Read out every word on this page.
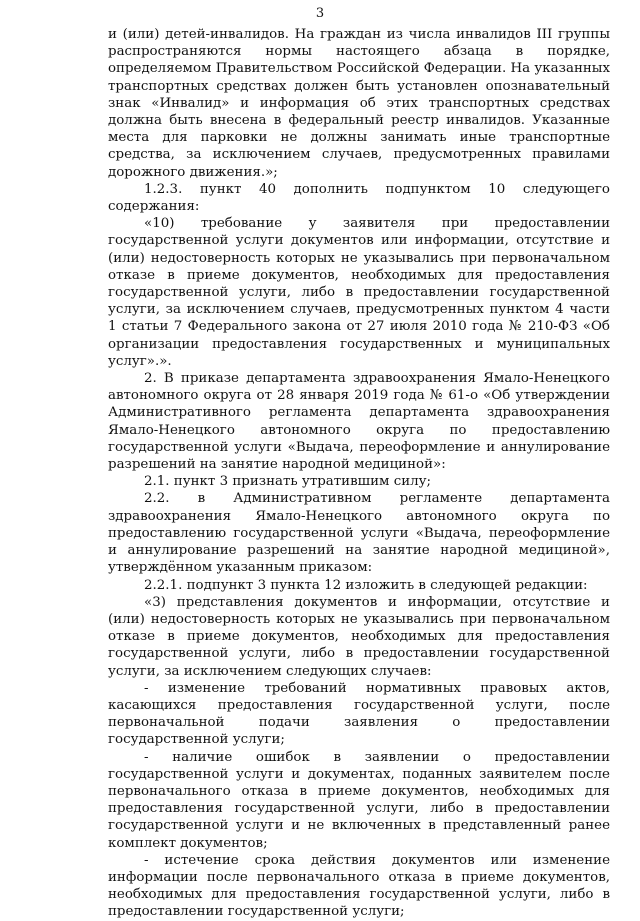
3

и (или) детей-инвалидов. На граждан из числа инвалидов III группы распространяются нормы настоящего абзаца в порядке, определяемом Правительством Российской Федерации. На указанных транспортных средствах должен быть установлен опознавательный знак «Инвалид» и информация об этих транспортных средствах должна быть внесена в федеральный реестр инвалидов. Указанные места для парковки не должны занимать иные транспортные средства, за исключением случаев, предусмотренных правилами дорожного движения.»;

1.2.3. пункт 40 дополнить подпунктом 10 следующего содержания:

«10) требование у заявителя при предоставлении государственной услуги документов или информации, отсутствие и (или) недостоверность которых не указывались при первоначальном отказе в приеме документов, необходимых для предоставления государственной услуги, либо в предоставлении государственной услуги, за исключением случаев, предусмотренных пунктом 4 части 1 статьи 7 Федерального закона от 27 июля 2010 года № 210-ФЗ «Об организации предоставления государственных и муниципальных услуг».».

2. В приказе департамента здравоохранения Ямало-Ненецкого автономного округа от 28 января 2019 года № 61-о «Об утверждении Административного регламента департамента здравоохранения Ямало-Ненецкого автономного округа по предоставлению государственной услуги «Выдача, переоформление и аннулирование разрешений на занятие народной медициной»:

2.1. пункт 3 признать утратившим силу;

2.2. в Административном регламенте департамента здравоохранения Ямало-Ненецкого автономного округа по предоставлению государственной услуги «Выдача, переоформление и аннулирование разрешений на занятие народной медициной», утверждённом указанным приказом:

2.2.1. подпункт 3 пункта 12 изложить в следующей редакции:

«3) представления документов и информации, отсутствие и (или) недостоверность которых не указывались при первоначальном отказе в приеме документов, необходимых для предоставления государственной услуги, либо в предоставлении государственной услуги, за исключением следующих случаев:

- изменение требований нормативных правовых актов, касающихся предоставления государственной услуги, после первоначальной подачи заявления о предоставлении государственной услуги;

- наличие ошибок в заявлении о предоставлении государственной услуги и документах, поданных заявителем после первоначального отказа в приеме документов, необходимых для предоставления государственной услуги, либо в предоставлении государственной услуги и не включенных в представленный ранее комплект документов;

- истечение срока действия документов или изменение информации после первоначального отказа в приеме документов, необходимых для предоставления государственной услуги, либо в предоставлении государственной услуги;
